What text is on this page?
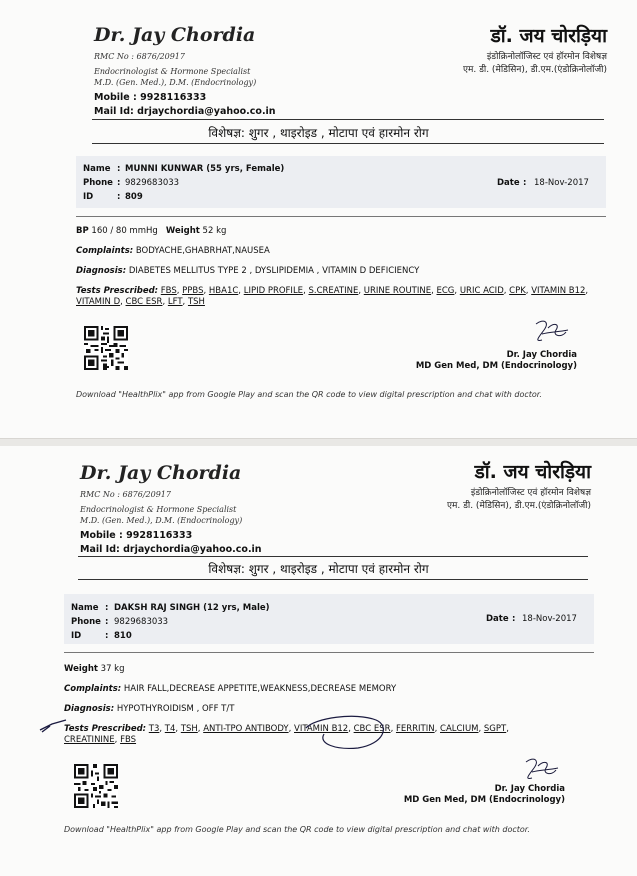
Dr. Jay Chordia
RMC No : 6876/20917
Endocrinologist & Hormone Specialist
M.D. (Gen. Med.), D.M. (Endocrinology)
Mobile : 9928116333
Mail Id: drjaychordia@yahoo.co.in
डॉ. जय चोरड़िया
इंडोक्रिनोलॉजिस्ट एवं हॉरमोन विशेषज्ञ
एम. डी. (मेडिसिन), डी.एम.(एंडोक्रिनोलॉजी)
विशेषज्ञ: शुगर , थाइरोइड , मोटापा एवं हारमोन रोग
Name : MUNNI KUNWAR (55 yrs, Female)
Phone : 9829683033
ID	: 809
Date : 18-Nov-2017
BP 160 / 80 mmHg Weight 52 kg
Complaints: BODYACHE,GHABRHAT,NAUSEA
Diagnosis: DIABETES MELLITUS TYPE 2 , DYSLIPIDEMIA , VITAMIN D DEFICIENCY
Tests Prescribed: FBS, PPBS, HBA1C, LIPID PROFILE, S.CREATINE, URINE ROUTINE, ECG, URIC ACID, CPK, VITAMIN B12, VITAMIN D, CBC ESR, LFT, TSH
Dr. Jay Chordia
MD Gen Med, DM (Endocrinology)
Download "HealthPlix" app from Google Play and scan the QR code to view digital prescription and chat with doctor.
Dr. Jay Chordia
RMC No : 6876/20917
Endocrinologist & Hormone Specialist
M.D. (Gen. Med.), D.M. (Endocrinology)
Mobile : 9928116333
Mail Id: drjaychordia@yahoo.co.in
डॉ. जय चोरड़िया
इंडोक्रिनोलॉजिस्ट एवं हॉरमोन विशेषज्ञ
एम. डी. (मेडिसिन), डी.एम.(एंडोक्रिनोलॉजी)
विशेषज्ञ: शुगर , थाइरोइड , मोटापा एवं हारमोन रोग
Name : DAKSH RAJ SINGH (12 yrs, Male)
Phone : 9829683033
ID	: 810
Date : 18-Nov-2017
Weight 37 kg
Complaints: HAIR FALL,DECREASE APPETITE,WEAKNESS,DECREASE MEMORY
Diagnosis: HYPOTHYROIDISM , OFF T/T
Tests Prescribed: T3, T4, TSH, ANTI-TPO ANTIBODY, VITAMIN B12, CBC ESR, FERRITIN, CALCIUM, SGPT, CREATININE, FBS
Dr. Jay Chordia
MD Gen Med, DM (Endocrinology)
Download "HealthPlix" app from Google Play and scan the QR code to view digital prescription and chat with doctor.
